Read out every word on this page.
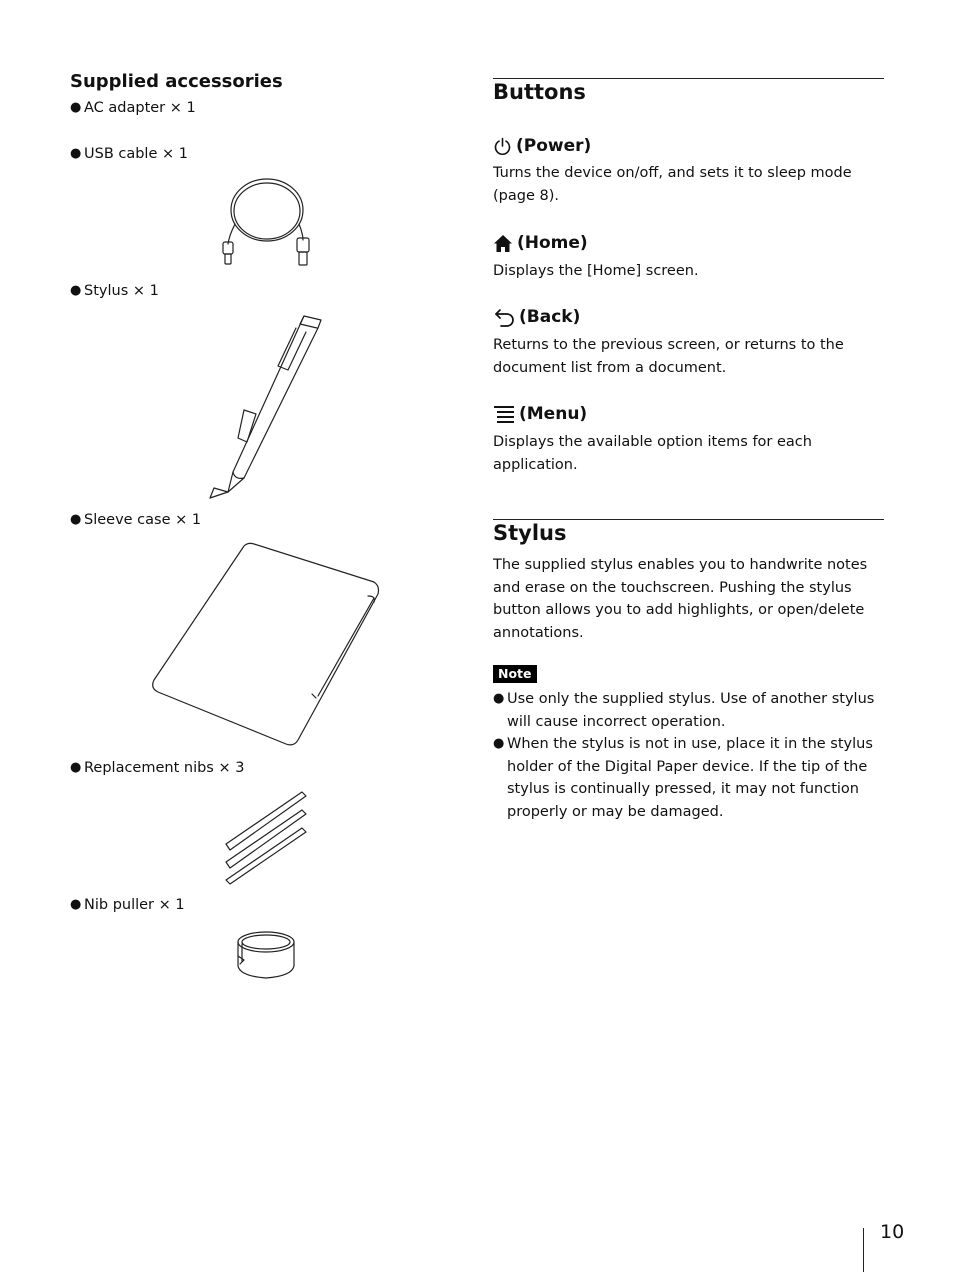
Supplied accessories
● AC adapter × 1
● USB cable × 1
● Stylus × 1
● Sleeve case × 1
● Replacement nibs × 3
● Nib puller × 1
Buttons
(Power)
Turns the device on/off, and sets it to sleep mode (page 8).
(Home)
Displays the [Home] screen.
(Back)
Returns to the previous screen, or returns to the document list from a document.
(Menu)
Displays the available option items for each application.
Stylus
The supplied stylus enables you to handwrite notes and erase on the touchscreen. Pushing the stylus button allows you to add highlights, or open/delete annotations.
Note
● Use only the supplied stylus. Use of another stylus will cause incorrect operation.
● When the stylus is not in use, place it in the stylus holder of the Digital Paper device. If the tip of the stylus is continually pressed, it may not function properly or may be damaged.
10
